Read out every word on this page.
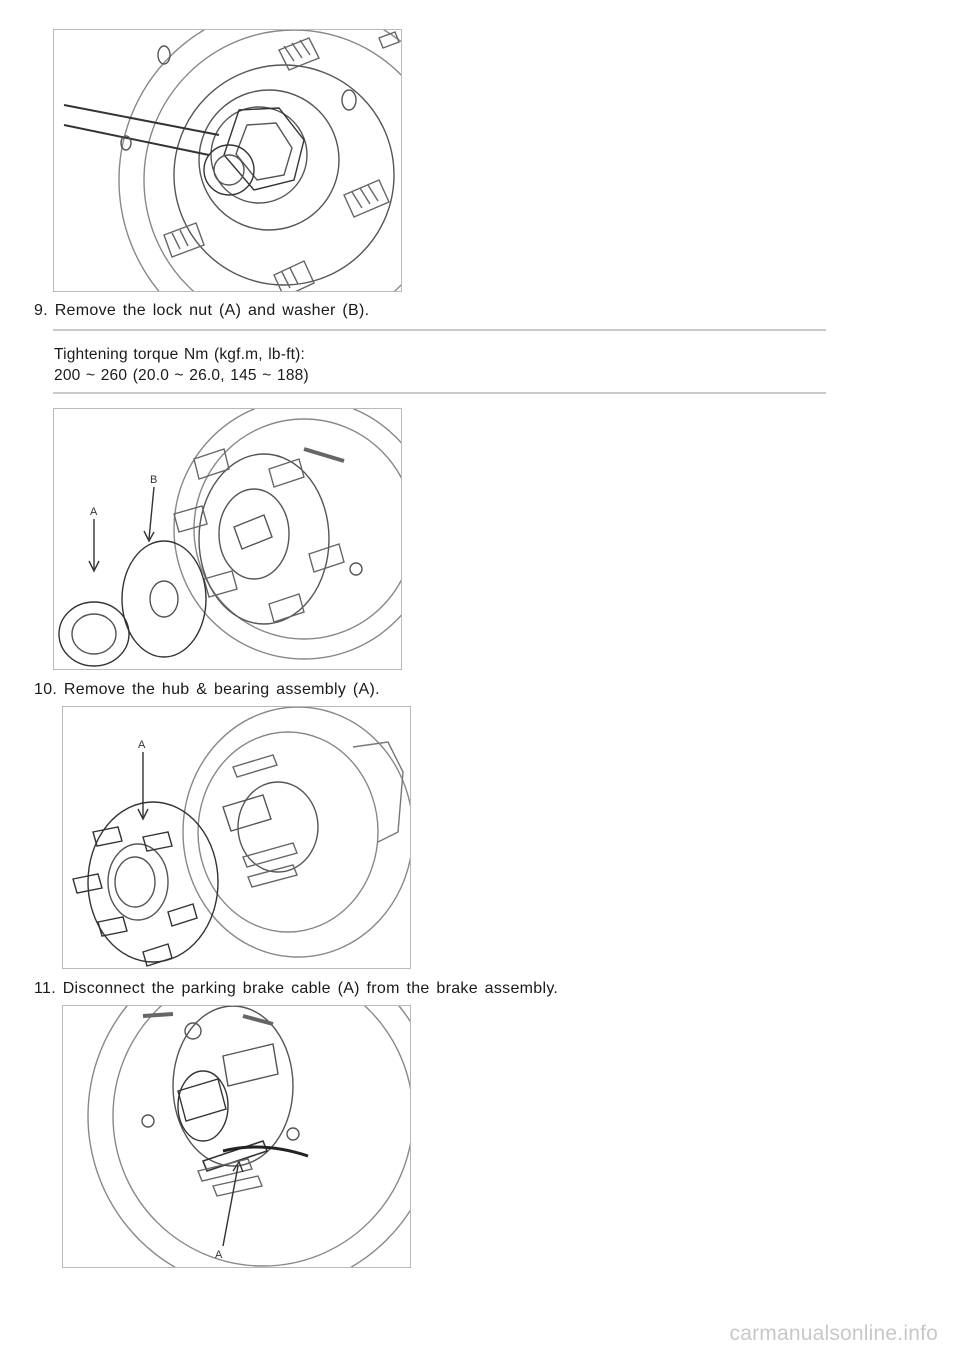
9. Remove the lock nut (A) and washer (B).
Tightening torque Nm (kgf.m, lb-ft):
200 ~ 260 (20.0 ~ 26.0, 145 ~ 188)
A
B
10. Remove the hub & bearing assembly (A).
A
11. Disconnect the parking brake cable (A) from the brake assembly.
A
carmanualsonline.info
